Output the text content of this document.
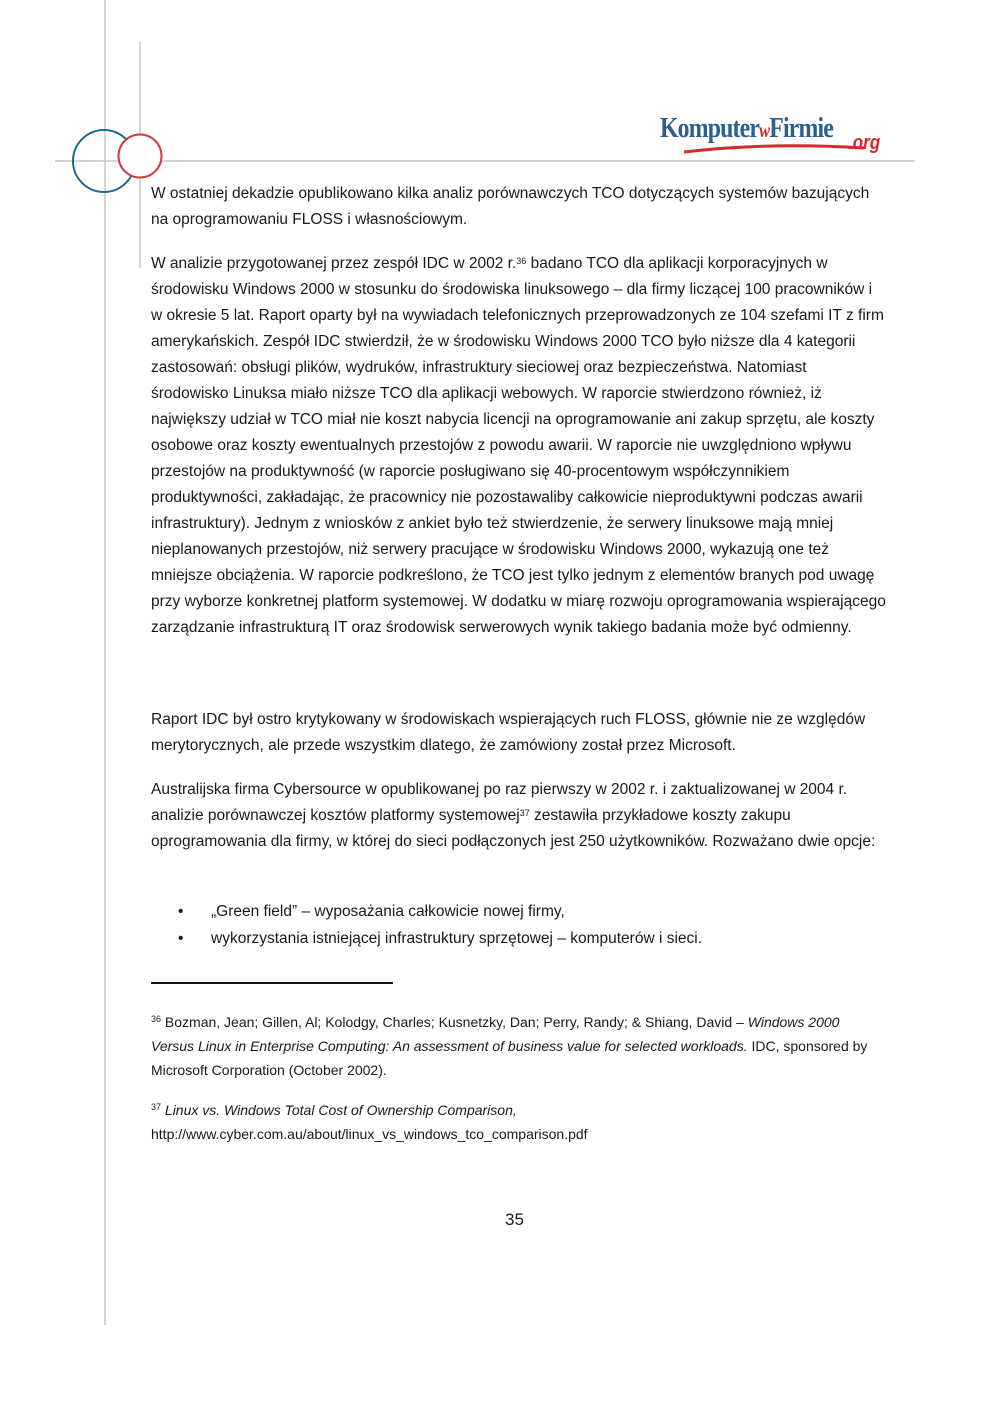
KomputerwFirmie .org

W ostatniej dekadzie opublikowano kilka analiz porównawczych TCO dotyczących systemów bazujących na oprogramowaniu FLOSS i własnościowym.

W analizie przygotowanej przez zespół IDC w 2002 r.$^{36}$ badano TCO dla aplikacji korporacyjnych w środowisku Windows 2000 w stosunku do środowiska linuksowego – dla firmy liczącej 100 pracowników i w okresie 5 lat. Raport oparty był na wywiadach telefonicznych przeprowadzonych ze 104 szefami IT z firm amerykańskich. Zespół IDC stwierdził, że w środowisku Windows 2000 TCO było niższe dla 4 kategorii zastosowań: obsługi plików, wydruków, infrastruktury sieciowej oraz bezpieczeństwa. Natomiast środowisko Linuksa miało niższe TCO dla aplikacji webowych. W raporcie stwierdzono również, iż największy udział w TCO miał nie koszt nabycia licencji na oprogramowanie ani zakup sprzętu, ale koszty osobowe oraz koszty ewentualnych przestojów z powodu awarii. W raporcie nie uwzględniono wpływu przestojów na produktywność (w raporcie posługiwano się 40-procentowym współczynnikiem produktywności, zakładając, że pracownicy nie pozostawaliby całkowicie nieproduktywni podczas awarii infrastruktury). Jednym z wniosków z ankiet było też stwierdzenie, że serwery linuksowe mają mniej nieplanowanych przestojów, niż serwery pracujące w środowisku Windows 2000, wykazują one też mniejsze obciążenia. W raporcie podkreślono, że TCO jest tylko jednym z elementów branych pod uwagę przy wyborze konkretnej platform systemowej. W dodatku w miarę rozwoju oprogramowania wspierającego zarządzanie infrastrukturą IT oraz środowisk serwerowych wynik takiego badania może być odmienny.

Raport IDC był ostro krytykowany w środowiskach wspierających ruch FLOSS, głównie nie ze względów merytorycznych, ale przede wszystkim dlatego, że zamówiony został przez Microsoft.

Australijska firma Cybersource w opublikowanej po raz pierwszy w 2002 r. i zaktualizowanej w 2004 r. analizie porównawczej kosztów platformy systemowej$^{37}$ zestawiła przykładowe koszty zakupu oprogramowania dla firmy, w której do sieci podłączonych jest 250 użytkowników. Rozważano dwie opcje:

• „Green field” – wyposażania całkowicie nowej firmy,
• wykorzystania istniejącej infrastruktury sprzętowej – komputerów i sieci.
$^{36}$ Bozman, Jean; Gillen, Al; Kolodgy, Charles; Kusnetzky, Dan; Perry, Randy; & Shiang, David – Windows 2000 Versus Linux in Enterprise Computing: An assessment of business value for selected workloads. IDC, sponsored by Microsoft Corporation (October 2002).
$^{37}$ Linux vs. Windows Total Cost of Ownership Comparison,
http://www.cyber.com.au/about/linux_vs_windows_tco_comparison.pdf
35
